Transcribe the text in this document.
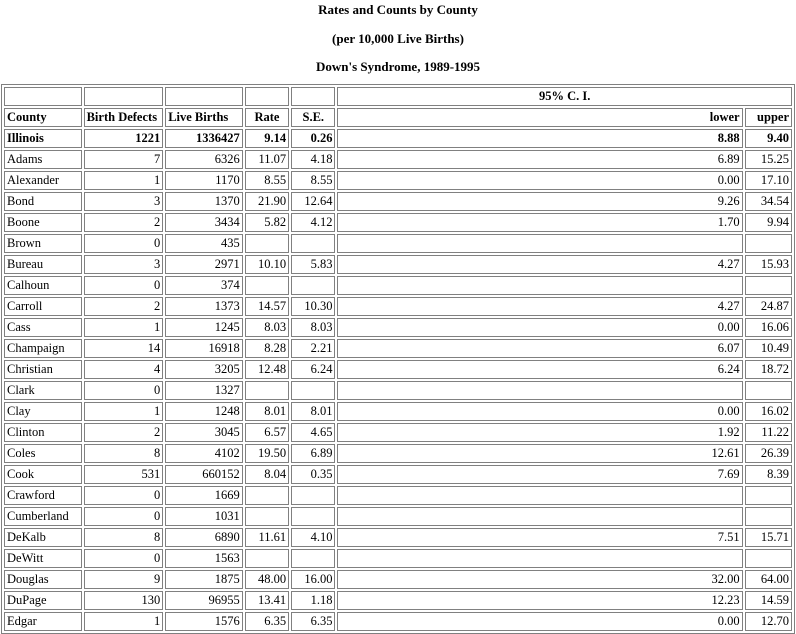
Rates and Counts by County
(per 10,000 Live Births)
Down's Syndrome, 1989-1995
					95% C. I.	
County	Birth Defects	Live Births	Rate	S.E.	lower	upper
Illinois	1221	1336427	9.14	0.26	8.88	9.40
Adams	7	6326	11.07	4.18	6.89	15.25
Alexander	1	1170	8.55	8.55	0.00	17.10
Bond	3	1370	21.90	12.64	9.26	34.54
Boone	2	3434	5.82	4.12	1.70	9.94
Brown	0	435				
Bureau	3	2971	10.10	5.83	4.27	15.93
Calhoun	0	374				
Carroll	2	1373	14.57	10.30	4.27	24.87
Cass	1	1245	8.03	8.03	0.00	16.06
Champaign	14	16918	8.28	2.21	6.07	10.49
Christian	4	3205	12.48	6.24	6.24	18.72
Clark	0	1327				
Clay	1	1248	8.01	8.01	0.00	16.02
Clinton	2	3045	6.57	4.65	1.92	11.22
Coles	8	4102	19.50	6.89	12.61	26.39
Cook	531	660152	8.04	0.35	7.69	8.39
Crawford	0	1669				
Cumberland	0	1031				
DeKalb	8	6890	11.61	4.10	7.51	15.71
DeWitt	0	1563				
Douglas	9	1875	48.00	16.00	32.00	64.00
DuPage	130	96955	13.41	1.18	12.23	14.59
Edgar	1	1576	6.35	6.35	0.00	12.70
